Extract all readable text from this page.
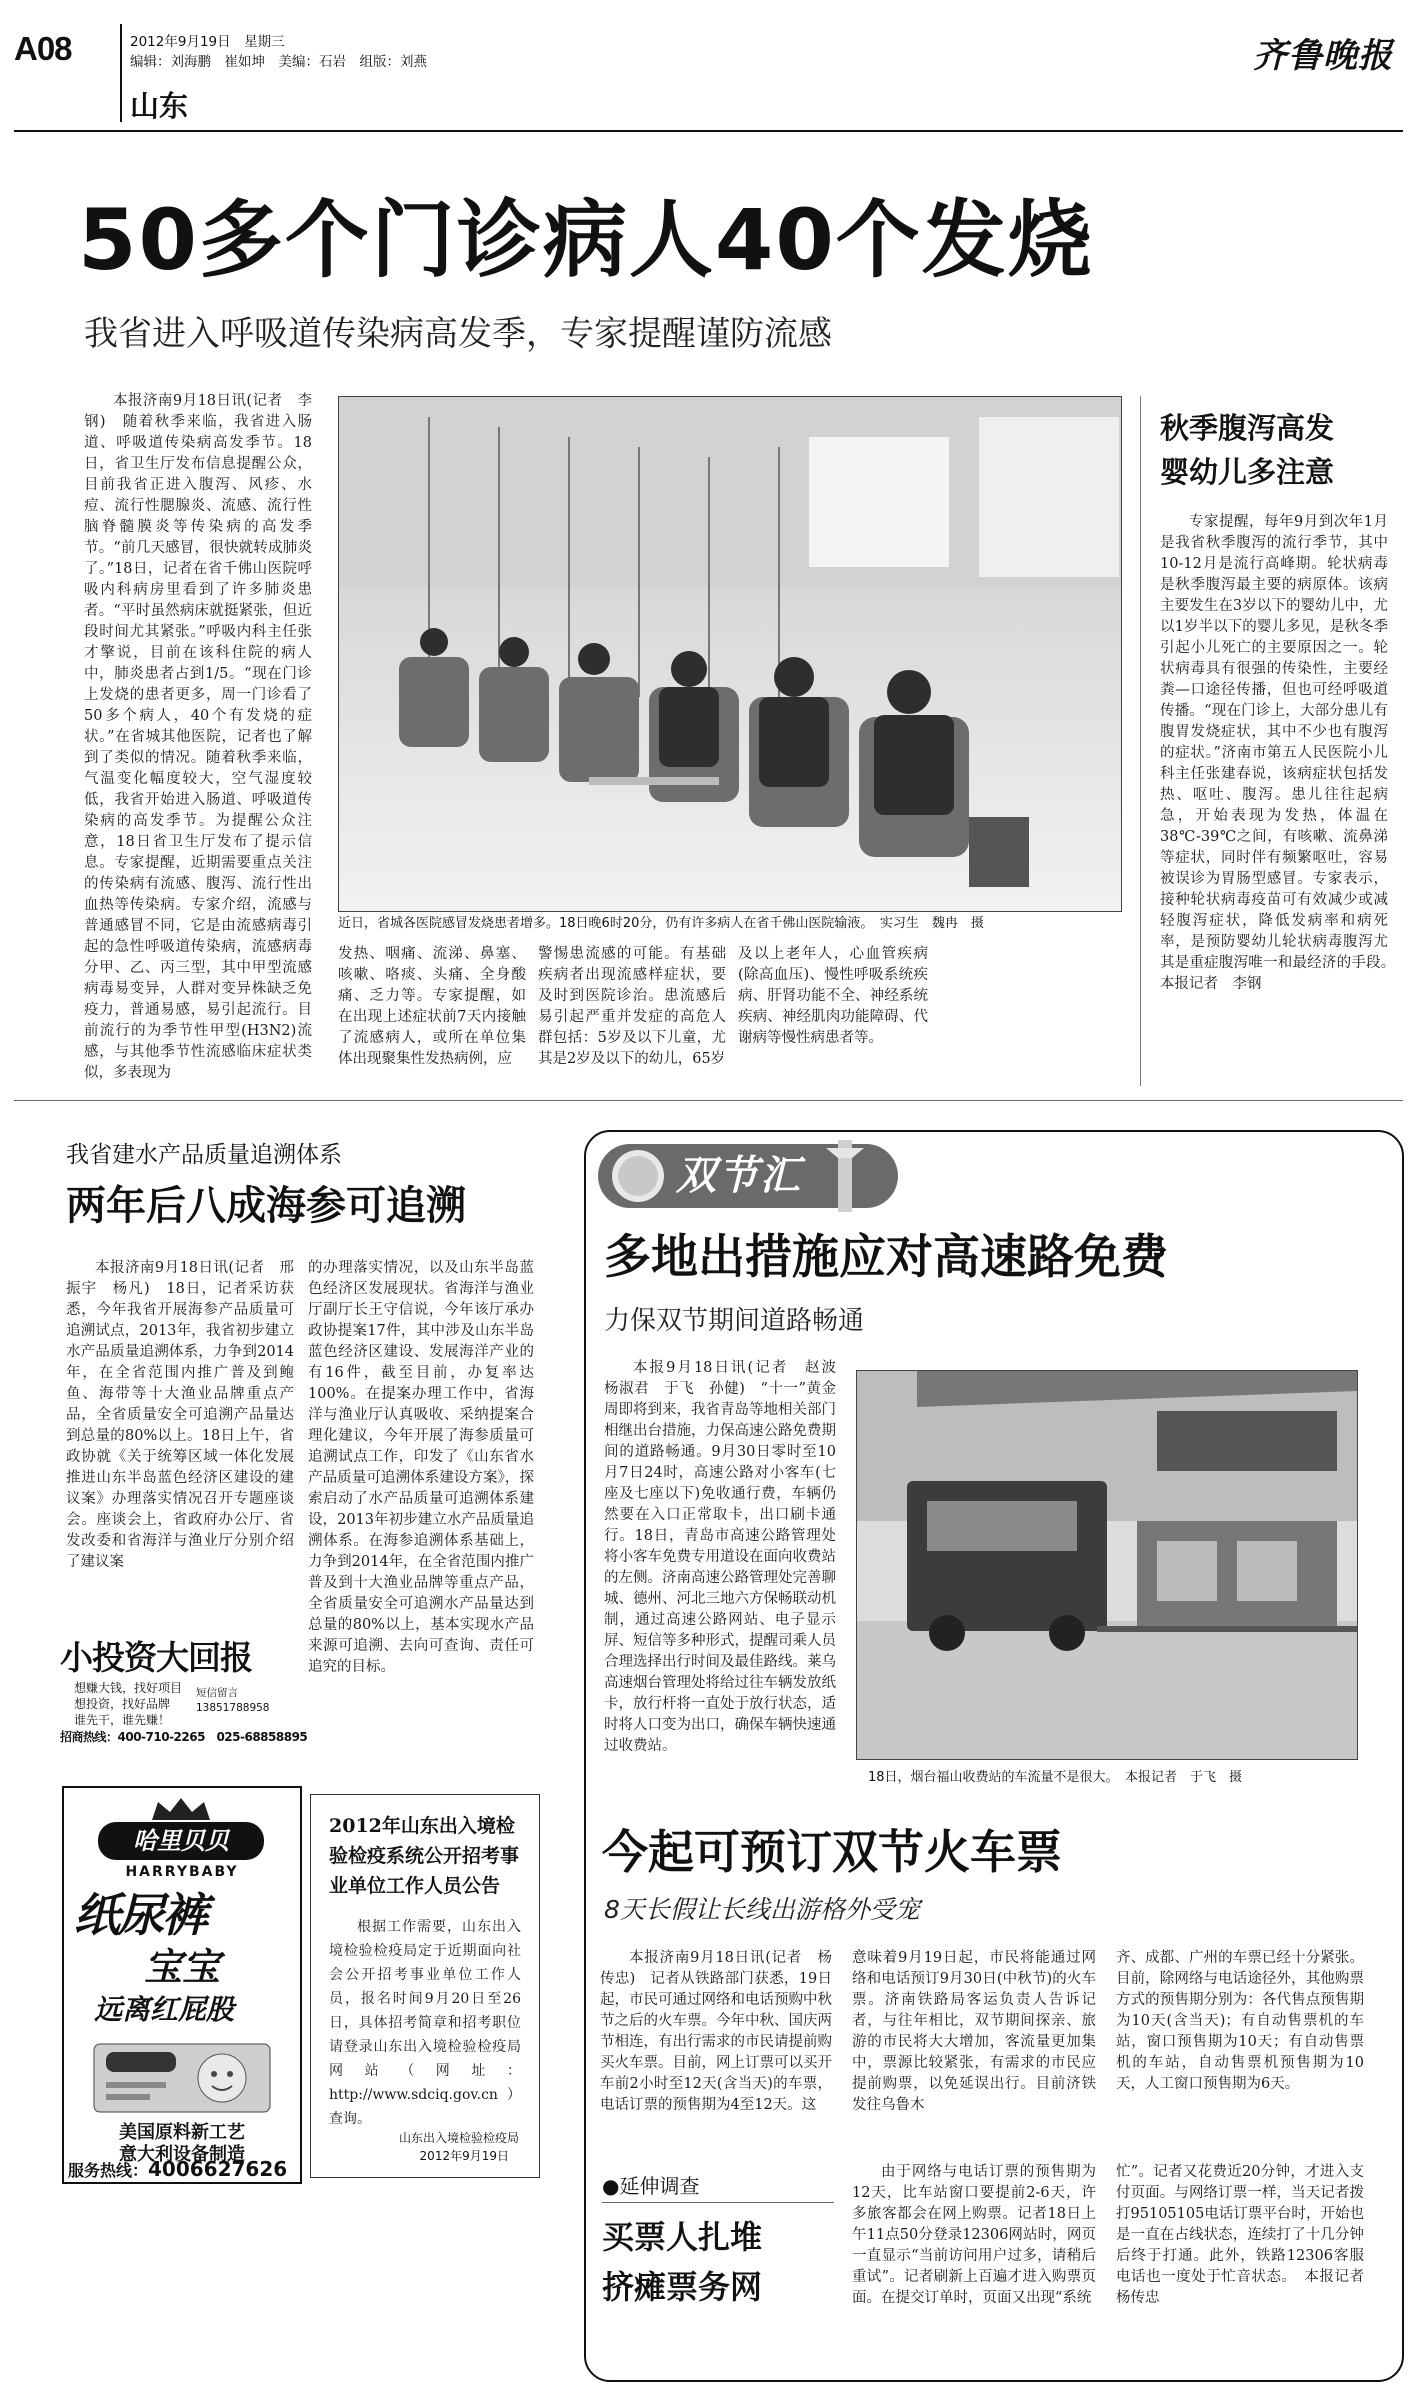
A08	2012年9月19日　星期三
编辑：刘海鹏　崔如坤　美编：石岩　组版：刘燕
山东
齐鲁晚报
50多个门诊病人40个发烧
我省进入呼吸道传染病高发季，专家提醒谨防流感

本报济南9月18日讯(记者　李钢)　随着秋季来临，我省进入肠道、呼吸道传染病高发季节。18日，省卫生厅发布信息提醒公众，目前我省正进入腹泻、风疹、水痘、流行性腮腺炎、流感、流行性脑脊髓膜炎等传染病的高发季节。“前几天感冒，很快就转成肺炎了。”18日，记者在省千佛山医院呼吸内科病房里看到了许多肺炎患者。“平时虽然病床就挺紧张，但近段时间尤其紧张。”呼吸内科主任张才擎说，目前在该科住院的病人中，肺炎患者占到1/5。“现在门诊上发烧的患者更多，周一门诊看了50多个病人，40个有发烧的症状。”在省城其他医院，记者也了解到了类似的情况。随着秋季来临，气温变化幅度较大，空气湿度较低，我省开始进入肠道、呼吸道传染病的高发季节。为提醒公众注意，18日省卫生厅发布了提示信息。专家提醒，近期需要重点关注的传染病有流感、腹泻、流行性出血热等传染病。专家介绍，流感与普通感冒不同，它是由流感病毒引起的急性呼吸道传染病，流感病毒分甲、乙、丙三型，其中甲型流感病毒易变异，人群对变异株缺乏免疫力，普通易感，易引起流行。目前流行的为季节性甲型(H3N2)流感，与其他季节性流感临床症状类似，多表现为

近日，省城各医院感冒发烧患者增多。18日晚6时20分，仍有许多病人在省千佛山医院输液。　实习生　魏冉　摄

发热、咽痛、流涕、鼻塞、咳嗽、咯痰、头痛、全身酸痛、乏力等。专家提醒，如在出现上述症状前7天内接触了流感病人，或所在单位集体出现聚集性发热病例，应

警惕患流感的可能。有基础疾病者出现流感样症状，要及时到医院诊治。患流感后易引起严重并发症的高危人群包括：5岁及以下儿童，尤其是2岁及以下的幼儿，65岁

及以上老年人，心血管疾病(除高血压)、慢性呼吸系统疾病、肝肾功能不全、神经系统疾病、神经肌肉功能障碍、代谢病等慢性病患者等。

秋季腹泻高发
婴幼儿多注意

专家提醒，每年9月到次年1月是我省秋季腹泻的流行季节，其中10-12月是流行高峰期。轮状病毒是秋季腹泻最主要的病原体。该病主要发生在3岁以下的婴幼儿中，尤以1岁半以下的婴儿多见，是秋冬季引起小儿死亡的主要原因之一。轮状病毒具有很强的传染性，主要经粪—口途径传播，但也可经呼吸道传播。“现在门诊上，大部分患儿有腹胃发烧症状，其中不少也有腹泻的症状。”济南市第五人民医院小儿科主任张建春说，该病症状包括发热、呕吐、腹泻。患儿往往起病急，开始表现为发热，体温在38℃-39℃之间，有咳嗽、流鼻涕等症状，同时伴有频繁呕吐，容易被误诊为胃肠型感冒。专家表示，接种轮状病毒疫苗可有效减少或减轻腹泻症状，降低发病率和病死率，是预防婴幼儿轮状病毒腹泻尤其是重症腹泻唯一和最经济的手段。　本报记者　李钢

我省建水产品质量追溯体系
两年后八成海参可追溯

本报济南9月18日讯(记者　邢振宇　杨凡)　18日，记者采访获悉，今年我省开展海参产品质量可追溯试点，2013年，我省初步建立水产品质量追溯体系，力争到2014年，在全省范围内推广普及到鲍鱼、海带等十大渔业品牌重点产品，全省质量安全可追溯产品量达到总量的80%以上。18日上午，省政协就《关于统筹区域一体化发展　推进山东半岛蓝色经济区建设的建议案》办理落实情况召开专题座谈会。座谈会上，省政府办公厅、省发改委和省海洋与渔业厅分别介绍了建议案

的办理落实情况，以及山东半岛蓝色经济区发展现状。省海洋与渔业厅副厅长王守信说，今年该厅承办政协提案17件，其中涉及山东半岛蓝色经济区建设、发展海洋产业的有16件，截至目前，办复率达100%。在提案办理工作中，省海洋与渔业厅认真吸收、采纳提案合理化建议，今年开展了海参质量可追溯试点工作，印发了《山东省水产品质量可追溯体系建设方案》，探索启动了水产品质量可追溯体系建设，2013年初步建立水产品质量追溯体系。在海参追溯体系基础上，力争到2014年，在全省范围内推广普及到十大渔业品牌等重点产品，全省质量安全可追溯水产品量达到总量的80%以上，基本实现水产品来源可追溯、去向可查询、责任可追究的目标。

小投资大回报
想赚大钱，找好项目
想投资，找好品牌
谁先干，谁先赚！
短信留言 13851788958
招商热线：400-710-2265　025-68858895
哈里贝贝
HARRYBABY
纸尿裤
宝宝
远离红屁股
美国原料新工艺
意大利设备制造
服务热线：4006627626
2012年山东出入境检验检疫系统公开招考事业单位工作人员公告

根据工作需要，山东出入境检验检疫局定于近期面向社会公开招考事业单位工作人员，报名时间9月20日至26日，具体招考简章和招考职位请登录山东出入境检验检疫局网站（网址：http://www.sdciq.gov.cn）查询。

山东出入境检验检疫局
2012年9月19日
双节汇
多地出措施应对高速路免费
力保双节期间道路畅通

本报9月18日讯(记者　赵波　杨淑君　于飞　孙健)　“十一”黄金周即将到来，我省青岛等地相关部门相继出台措施，力保高速公路免费期间的道路畅通。9月30日零时至10月7日24时，高速公路对小客车(七座及七座以下)免收通行费，车辆仍然要在入口正常取卡，出口刷卡通行。18日，青岛市高速公路管理处将小客车免费专用道设在面向收费站的左侧。济南高速公路管理处完善聊城、德州、河北三地六方保畅联动机制，通过高速公路网站、电子显示屏、短信等多种形式，提醒司乘人员合理选择出行时间及最佳路线。莱乌高速烟台管理处将给过往车辆发放纸卡，放行杆将一直处于放行状态，适时将人口变为出口，确保车辆快速通过收费站。

18日，烟台福山收费站的车流量不是很大。　本报记者　于飞　摄
今起可预订双节火车票
8天长假让长线出游格外受宠

本报济南9月18日讯(记者　杨传忠)　记者从铁路部门获悉，19日起，市民可通过网络和电话预购中秋节之后的火车票。今年中秋、国庆两节相连，有出行需求的市民请提前购买火车票。目前，网上订票可以买开车前2小时至12天(含当天)的车票，电话订票的预售期为4至12天。这

意味着9月19日起，市民将能通过网络和电话预订9月30日(中秋节)的火车票。济南铁路局客运负责人告诉记者，与往年相比，双节期间探亲、旅游的市民将大大增加，客流量更加集中，票源比较紧张，有需求的市民应提前购票，以免延误出行。目前济铁发往乌鲁木

齐、成都、广州的车票已经十分紧张。目前，除网络与电话途径外，其他购票方式的预售期分别为：各代售点预售期为10天(含当天)；有自动售票机的车站，窗口预售期为10天；有自动售票机的车站，自动售票机预售期为10天，人工窗口预售期为6天。

●延伸调查
买票人扎堆
挤瘫票务网

由于网络与电话订票的预售期为12天，比车站窗口要提前2-6天，许多旅客都会在网上购票。记者18日上午11点50分登录12306网站时，网页一直显示“当前访问用户过多，请稍后重试”。记者刷新上百遍才进入购票页面。在提交订单时，页面又出现“系统

忙”。记者又花费近20分钟，才进入支付页面。与网络订票一样，当天记者拨打95105105电话订票平台时，开始也是一直在占线状态，连续打了十几分钟后终于打通。此外，铁路12306客服电话也一度处于忙音状态。　本报记者　杨传忠
